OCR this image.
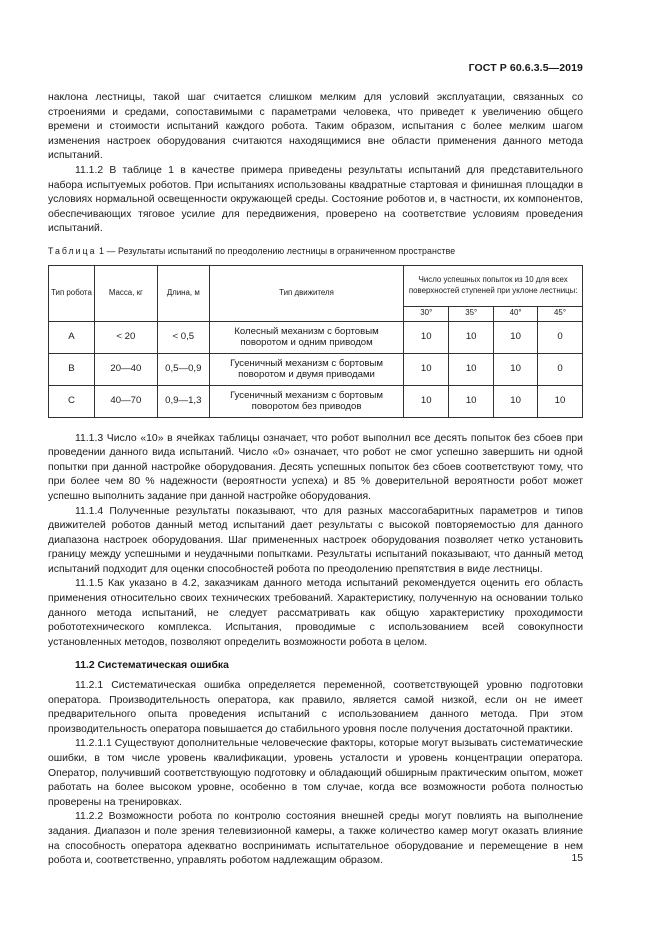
ГОСТ Р 60.6.3.5—2019

наклона лестницы, такой шаг считается слишком мелким для условий эксплуатации, связанных со строениями и средами, сопоставимыми с параметрами человека, что приведет к увеличению общего времени и стоимости испытаний каждого робота. Таким образом, испытания с более мелким шагом изменения настроек оборудования считаются находящимися вне области применения данного метода испытаний.

11.1.2 В таблице 1 в качестве примера приведены результаты испытаний для представительного набора испытуемых роботов. При испытаниях использованы квадратные стартовая и финишная площадки в условиях нормальной освещенности окружающей среды. Состояние роботов и, в частности, их компонентов, обеспечивающих тяговое усилие для передвижения, проверено на соответствие условиям проведения испытаний.

Таблица 1 — Результаты испытаний по преодолению лестницы в ограниченном пространстве
Тип робота	Масса, кг	Длина, м	Тип движителя	Число успешных попыток из 10 для всех поверхностей ступеней при уклоне лестницы:			
				30°	35°	40°	45°
A	< 20	< 0,5	Колесный механизм с бортовым поворотом и одним приводом	10	10	10	0
B	20—40	0,5—0,9	Гусеничный механизм с бортовым поворотом и двумя приводами	10	10	10	0
C	40—70	0,9—1,3	Гусеничный механизм с бортовым поворотом без приводов	10	10	10	10

11.1.3 Число «10» в ячейках таблицы означает, что робот выполнил все десять попыток без сбоев при проведении данного вида испытаний. Число «0» означает, что робот не смог успешно завершить ни одной попытки при данной настройке оборудования. Десять успешных попыток без сбоев соответствуют тому, что при более чем 80 % надежности (вероятности успеха) и 85 % доверительной вероятности робот может успешно выполнить задание при данной настройке оборудования.

11.1.4 Полученные результаты показывают, что для разных массогабаритных параметров и типов движителей роботов данный метод испытаний дает результаты с высокой повторяемостью для данного диапазона настроек оборудования. Шаг примененных настроек оборудования позволяет четко установить границу между успешными и неудачными попытками. Результаты испытаний показывают, что данный метод испытаний подходит для оценки способностей робота по преодолению препятствия в виде лестницы.

11.1.5 Как указано в 4.2, заказчикам данного метода испытаний рекомендуется оценить его область применения относительно своих технических требований. Характеристику, полученную на основании только данного метода испытаний, не следует рассматривать как общую характеристику проходимости робототехнического комплекса. Испытания, проводимые с использованием всей совокупности установленных методов, позволяют определить возможности робота в целом.

11.2 Систематическая ошибка

11.2.1 Систематическая ошибка определяется переменной, соответствующей уровню подготовки оператора. Производительность оператора, как правило, является самой низкой, если он не имеет предварительного опыта проведения испытаний с использованием данного метода. При этом производительность оператора повышается до стабильного уровня после получения достаточной практики.

11.2.1.1 Существуют дополнительные человеческие факторы, которые могут вызывать систематические ошибки, в том числе уровень квалификации, уровень усталости и уровень концентрации оператора. Оператор, получивший соответствующую подготовку и обладающий обширным практическим опытом, может работать на более высоком уровне, особенно в том случае, когда все возможности робота полностью проверены на тренировках.

11.2.2 Возможности робота по контролю состояния внешней среды могут повлиять на выполнение задания. Диапазон и поле зрения телевизионной камеры, а также количество камер могут оказать влияние на способность оператора адекватно воспринимать испытательное оборудование и перемещение в нем робота и, соответственно, управлять роботом надлежащим образом.	15
